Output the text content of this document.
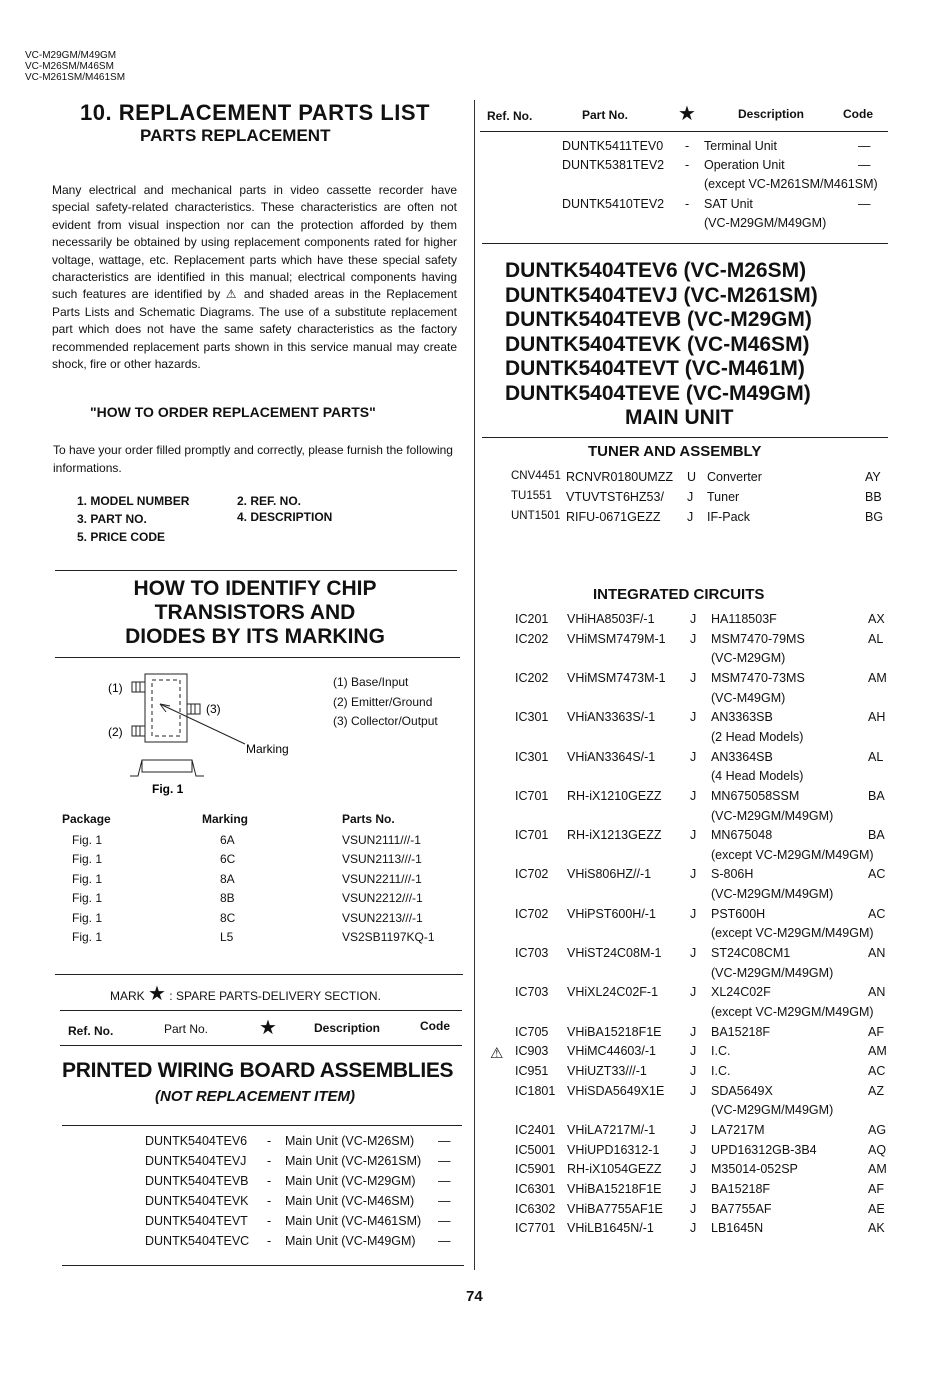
VC-M29GM/M49GM
VC-M26SM/M46SM
VC-M261SM/M461SM
10. REPLACEMENT PARTS LIST
PARTS REPLACEMENT
Many electrical and mechanical parts in video cassette recorder have special safety-related characteristics. These characteristics are often not evident from visual inspection nor can the protection afforded by them necessarily be obtained by using replacement components rated for higher voltage, wattage, etc. Replacement parts which have these special safety characteristics are identified in this manual; electrical components having such features are identified by ⚠ and shaded areas in the Replacement Parts Lists and Schematic Diagrams. The use of a substitute replacement part which does not have the same safety characteristics as the factory recommended replacement parts shown in this service manual may create shock, fire or other hazards.
"HOW TO ORDER REPLACEMENT PARTS"
To have your order filled promptly and correctly, please furnish the following informations.
1. MODEL NUMBER	2. REF. NO.
3. PART NO.	4. DESCRIPTION
5. PRICE CODE
HOW TO IDENTIFY CHIP
TRANSISTORS AND
DIODES BY ITS MARKING
(1)
(2)
(3)
Marking
Fig. 1
(1) Base/Input
(2) Emitter/Ground
(3) Collector/Output
Package	Marking	Parts No.
Fig. 1	6A	VSUN2111///-1
Fig. 1	6C	VSUN2113///-1
Fig. 1	8A	VSUN2211///-1
Fig. 1	8B	VSUN2212///-1
Fig. 1	8C	VSUN2213///-1
Fig. 1	L5	VS2SB1197KQ-1
MARK ★ : SPARE PARTS-DELIVERY SECTION.
Ref. No.	Part No.	★	Description	Code
PRINTED WIRING BOARD ASSEMBLIES
(NOT REPLACEMENT ITEM)
DUNTK5404TEV6 - Main Unit (VC-M26SM) —
DUNTK5404TEVJ - Main Unit (VC-M261SM) —
DUNTK5404TEVB - Main Unit (VC-M29GM) —
DUNTK5404TEVK - Main Unit (VC-M46SM) —
DUNTK5404TEVT - Main Unit (VC-M461SM) —
DUNTK5404TEVC - Main Unit (VC-M49GM) —
Ref. No.	Part No. ★	Description	Code
DUNTK5411TEV0 - Terminal Unit	—
DUNTK5381TEV2 - Operation Unit	—
(except VC-M261SM/M461SM)
DUNTK5410TEV2 - SAT Unit	—
(VC-M29GM/M49GM)
DUNTK5404TEV6 (VC-M26SM)
DUNTK5404TEVJ (VC-M261SM)
DUNTK5404TEVB (VC-M29GM)
DUNTK5404TEVK (VC-M46SM)
DUNTK5404TEVT (VC-M461M)
DUNTK5404TEVE (VC-M49GM)
MAIN UNIT
TUNER AND ASSEMBLY
CNV4451 RCNVR0180UMZZ U Converter	AY
TU1551 VTUVTST6HZ53/ J Tuner	BB
UNT1501 RIFU-0671GEZZ J IF-Pack	BG
INTEGRATED CIRCUITS
IC201 VHiHA8503F/-1	J HA118503F	AX
IC202 VHiMSM7479M-1 J MSM7470-79MS	AL
(VC-M29GM)
IC202 VHiMSM7473M-1 J MSM7470-73MS	AM
(VC-M49GM)
IC301 VHiAN3363S/-1	J AN3363SB	AH
(2 Head Models)
IC301 VHiAN3364S/-1	J AN3364SB	AL
(4 Head Models)
IC701 RH-iX1210GEZZ J MN675058SSM	BA
(VC-M29GM/M49GM)
IC701 RH-iX1213GEZZ J MN675048	BA
(except VC-M29GM/M49GM)
IC702 VHiS806HZ//-1	J S-806H	AC
(VC-M29GM/M49GM)
IC702 VHiPST600H/-1	J PST600H	AC
(except VC-M29GM/M49GM)
IC703 VHiST24C08M-1 J ST24C08CM1	AN
(VC-M29GM/M49GM)
IC703 VHiXL24C02F-1	J XL24C02F	AN
(except VC-M29GM/M49GM)
IC705 VHiBA15218F1E J BA15218F	AF
⚠ IC903 VHiMC44603/-1	J I.C.	AM
IC951 VHiUZT33///-1	J I.C.	AC
IC1801 VHiSDA5649X1E J SDA5649X	AZ
(VC-M29GM/M49GM)
IC2401 VHiLA7217M/-1	J LA7217M	AG
IC5001 VHiUPD16312-1 J UPD16312GB-3B4	AQ
IC5901 RH-iX1054GEZZ J M35014-052SP	AM
IC6301 VHiBA15218F1E J BA15218F	AF
IC6302 VHiBA7755AF1E J BA7755AF	AE
IC7701 VHiLB1645N/-1	J LB1645N	AK
74
